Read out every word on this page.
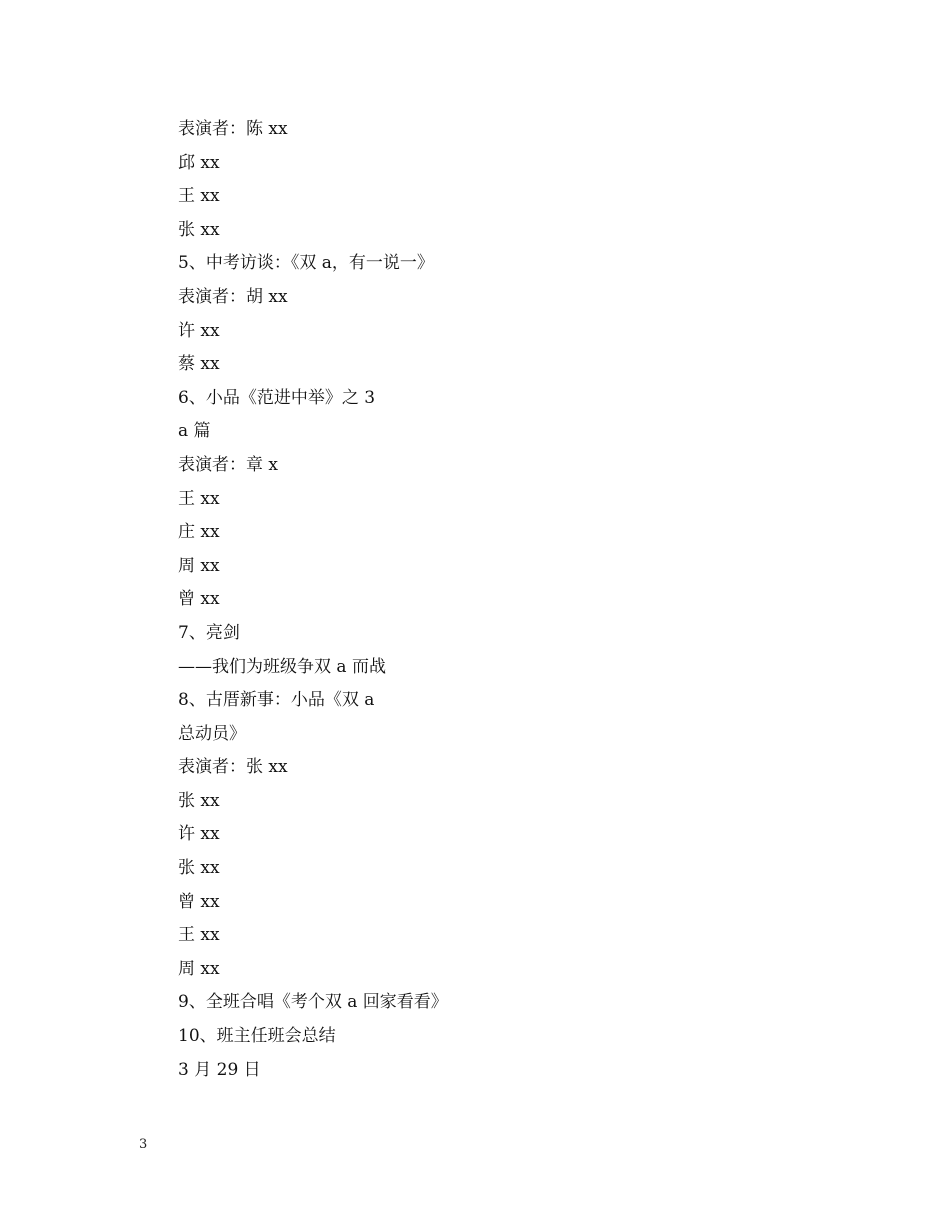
表演者：陈 xx
邱 xx
王 xx
张 xx
5、中考访谈：《双 a，有一说一》
表演者：胡 xx
许 xx
蔡 xx
6、小品《范进中举》之 3
a 篇
表演者：章 x
王 xx
庄 xx
周 xx
曾 xx
7、亮剑
——我们为班级争双 a 而战
8、古厝新事：小品《双 a
总动员》
表演者：张 xx
张 xx
许 xx
张 xx
曾 xx
王 xx
周 xx
9、全班合唱《考个双 a 回家看看》
10、班主任班会总结
3 月 29 日
3
